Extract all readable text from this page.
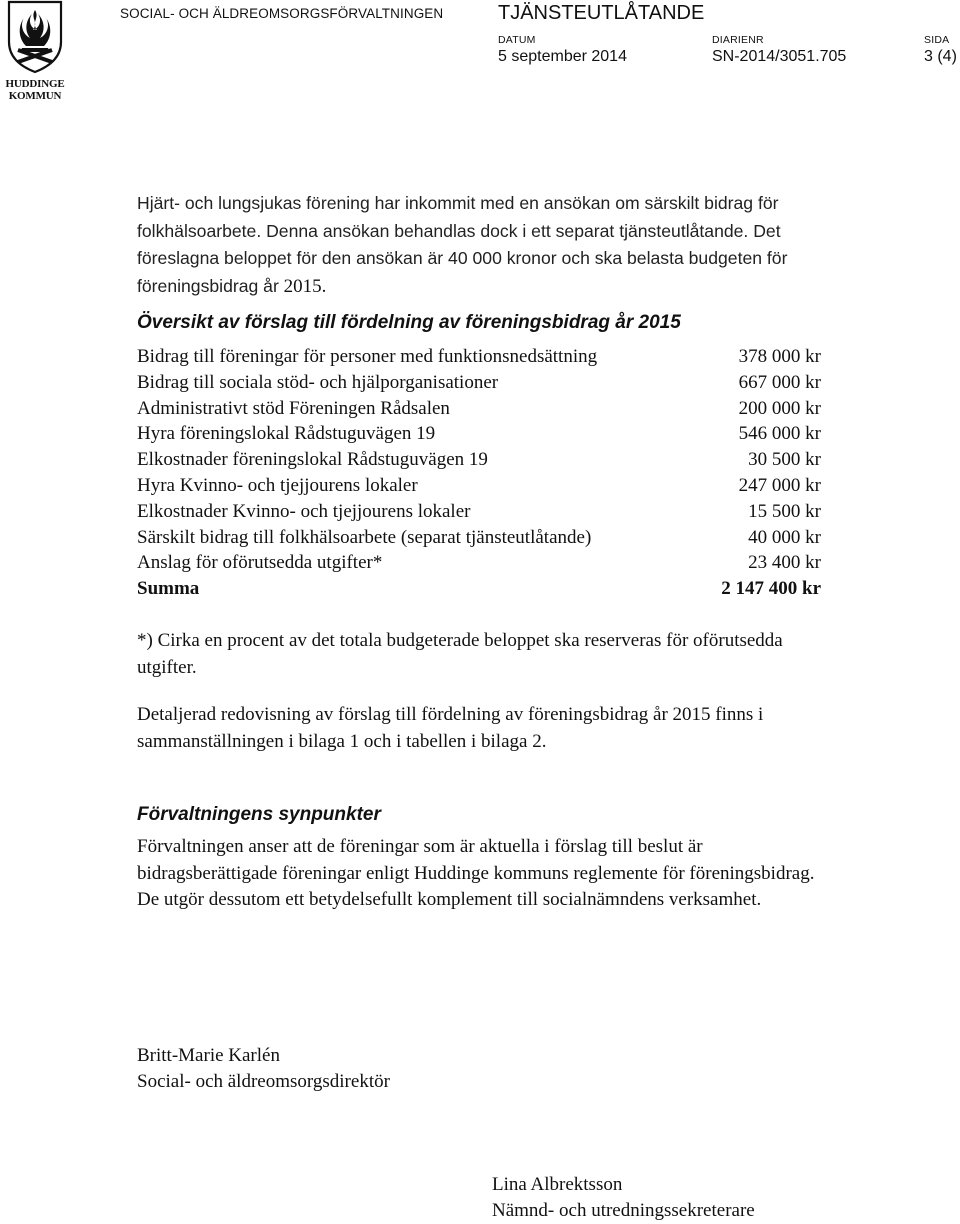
HUDDINGE
KOMMUN
SOCIAL- OCH ÄLDREOMSORGSFÖRVALTNINGEN	TJÄNSTEUTLÅTANDE
DATUM	DIARIENR	SIDA
5 september 2014	SN-2014/3051.705	3 (4)

Hjärt- och lungsjukas förening har inkommit med en ansökan om särskilt bidrag för folkhälsoarbete. Denna ansökan behandlas dock i ett separat tjänsteutlåtande. Det föreslagna beloppet för den ansökan är 40 000 kronor och ska belasta budgeten för föreningsbidrag år 2015.

Översikt av förslag till fördelning av föreningsbidrag år 2015
Bidrag till föreningar för personer med funktionsnedsättning	378 000 kr
Bidrag till sociala stöd- och hjälporganisationer	667 000 kr
Administrativt stöd Föreningen Rådsalen	200 000 kr
Hyra föreningslokal Rådstuguvägen 19	546 000 kr
Elkostnader föreningslokal Rådstuguvägen 19	30 500 kr
Hyra Kvinno- och tjejjourens lokaler	247 000 kr
Elkostnader Kvinno- och tjejjourens lokaler	15 500 kr
Särskilt bidrag till folkhälsoarbete (separat tjänsteutlåtande)	40 000 kr
Anslag för oförutsedda utgifter*	23 400 kr
Summa	2 147 400 kr

*) Cirka en procent av det totala budgeterade beloppet ska reserveras för oförutsedda utgifter.

Detaljerad redovisning av förslag till fördelning av föreningsbidrag år 2015 finns i sammanställningen i bilaga 1 och i tabellen i bilaga 2.

Förvaltningens synpunkter

Förvaltningen anser att de föreningar som är aktuella i förslag till beslut är bidragsberättigade föreningar enligt Huddinge kommuns reglemente för föreningsbidrag. De utgör dessutom ett betydelsefullt komplement till socialnämndens verksamhet.

Britt-Marie Karlén
Social- och äldreomsorgsdirektör
Lina Albrektsson
Nämnd- och utredningssekreterare
